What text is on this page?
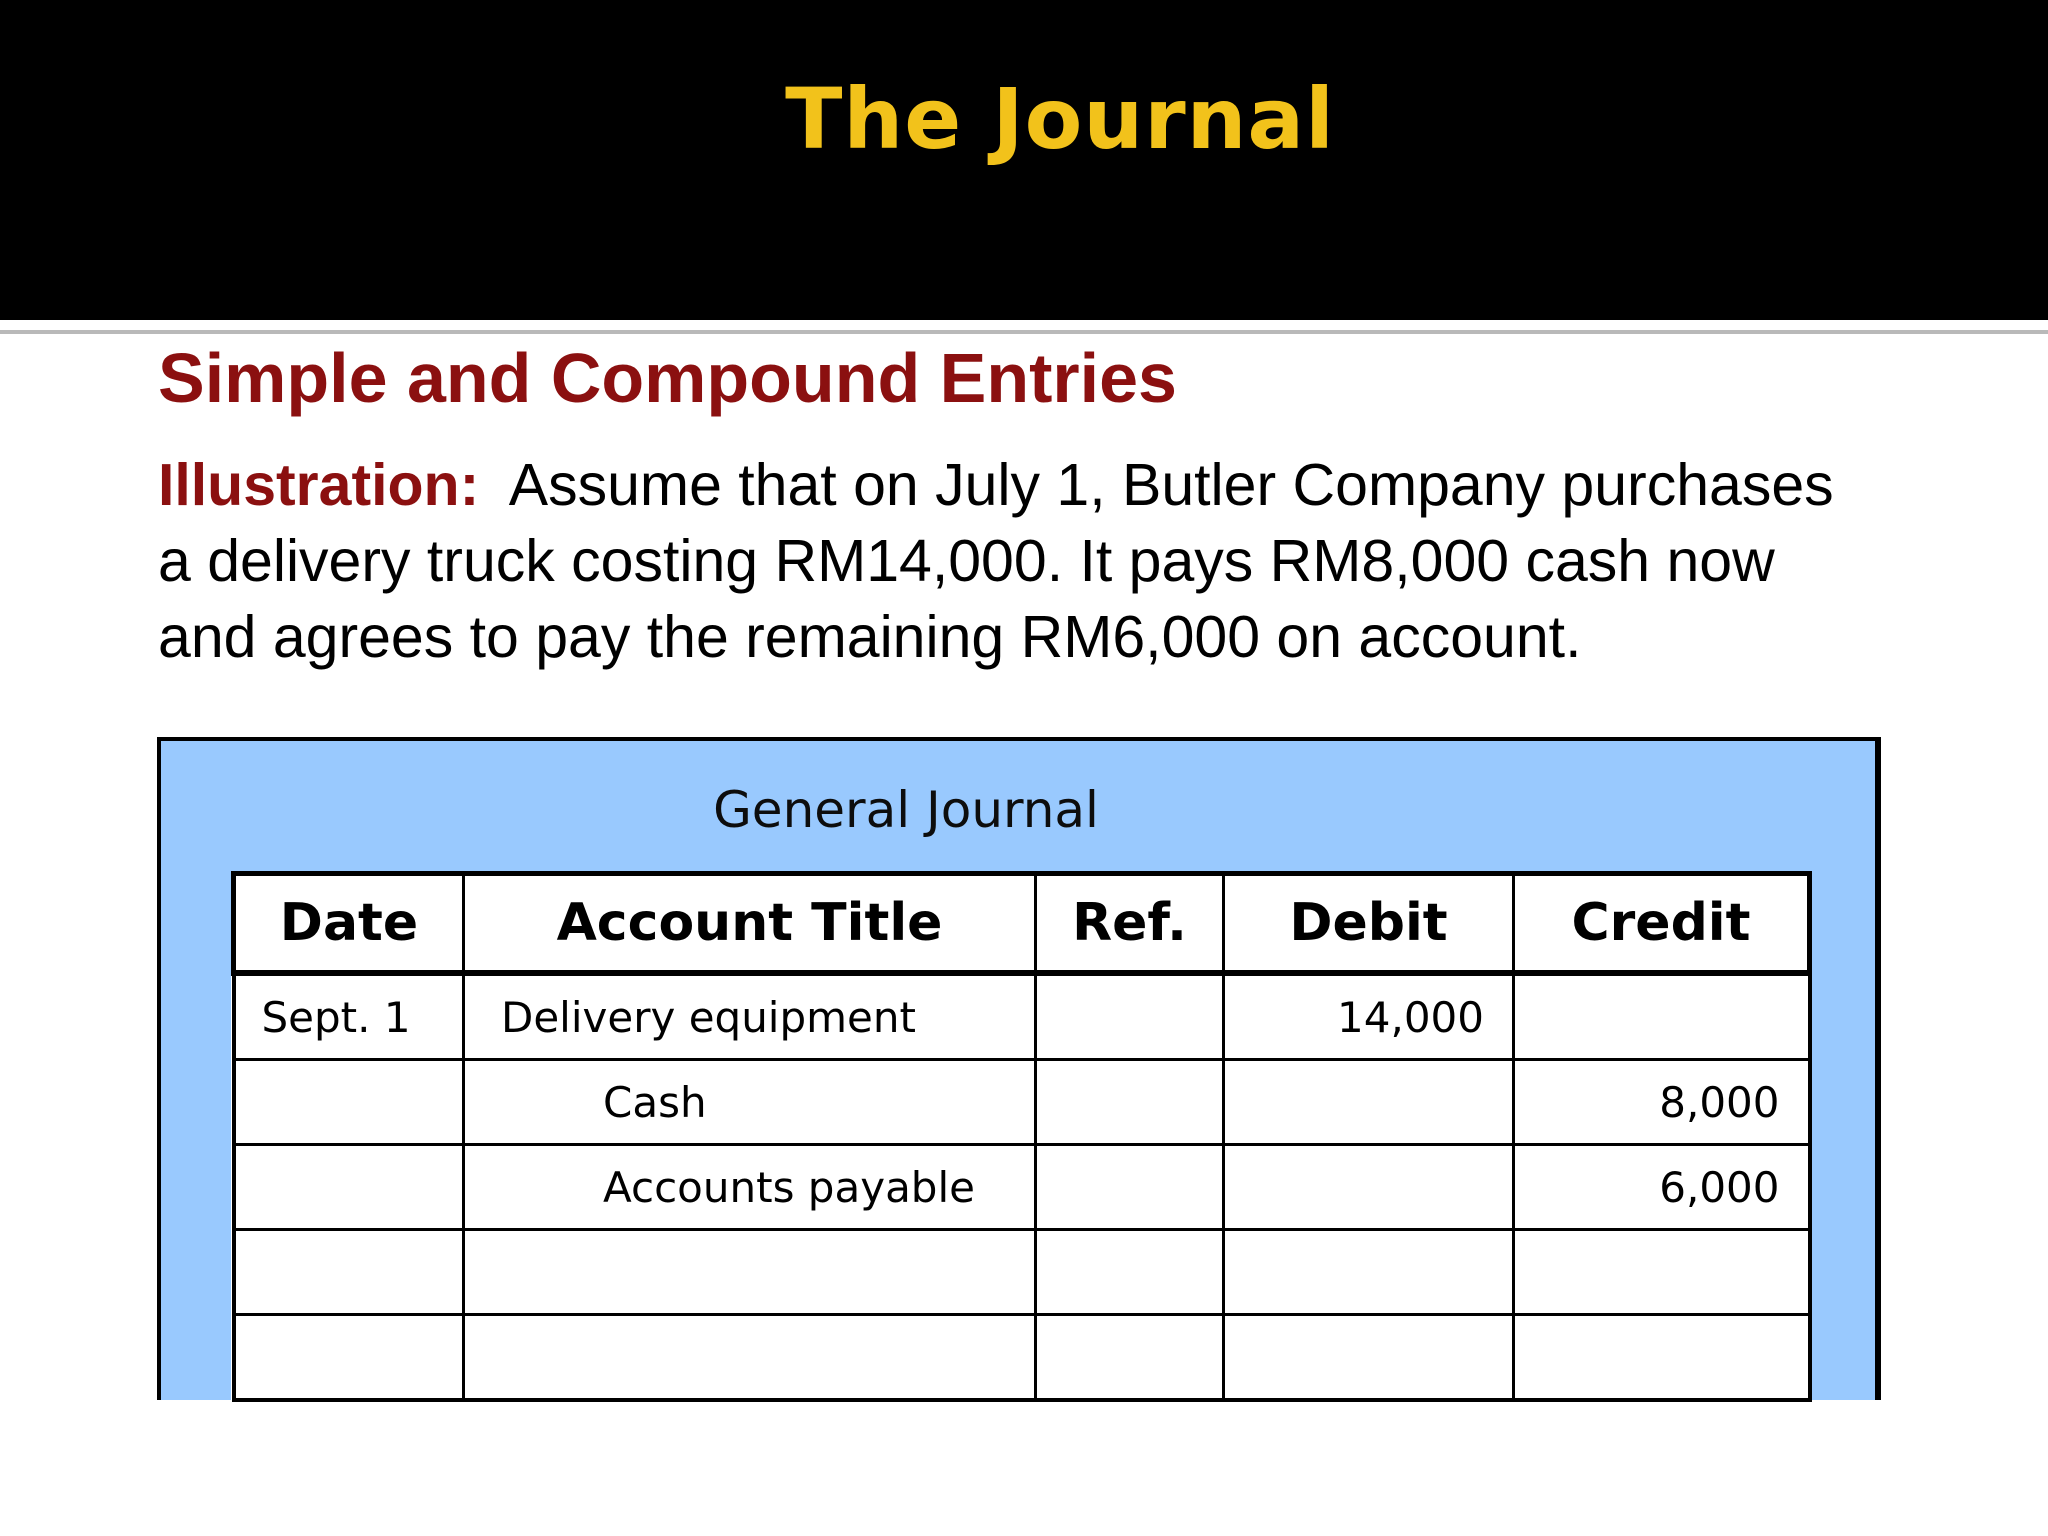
The Journal
Simple and Compound Entries
Illustration: Assume that on July 1, Butler Company purchases
a delivery truck costing RM14,000. It pays RM8,000 cash now
and agrees to pay the remaining RM6,000 on account.
General Journal
Date	Account Title	Ref.	Debit	Credit
Sept. 1	Delivery equipment		14,000	
	Cash			8,000
	Accounts payable			6,000
